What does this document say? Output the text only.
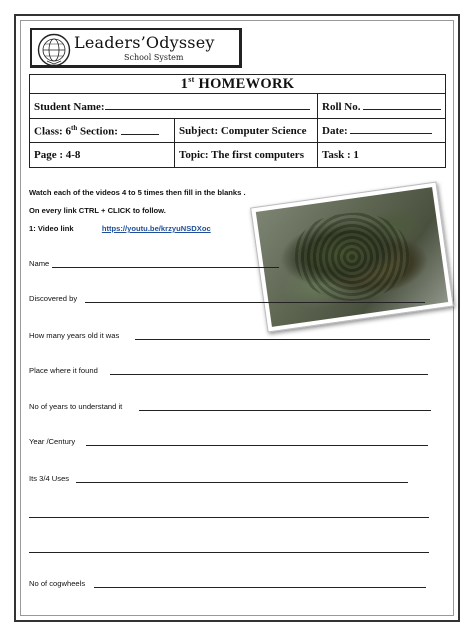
Leaders’Odyssey
School System
1st HOMEWORK		
Student Name:		Roll No.
Class: 6th Section:	Subject: Computer Science	Date:
Page : 4-8	Topic: The first computers	Task : 1
Watch each of the videos 4 to 5 times then fill in the blanks .
On every link CTRL + CLICK to follow.
1: Video link	https://youtu.be/krzyuNSDXoc
Name
Discovered by
How many years old it was
Place where it found
No of years to understand it
Year /Century
Its 3/4 Uses
No of cogwheels
